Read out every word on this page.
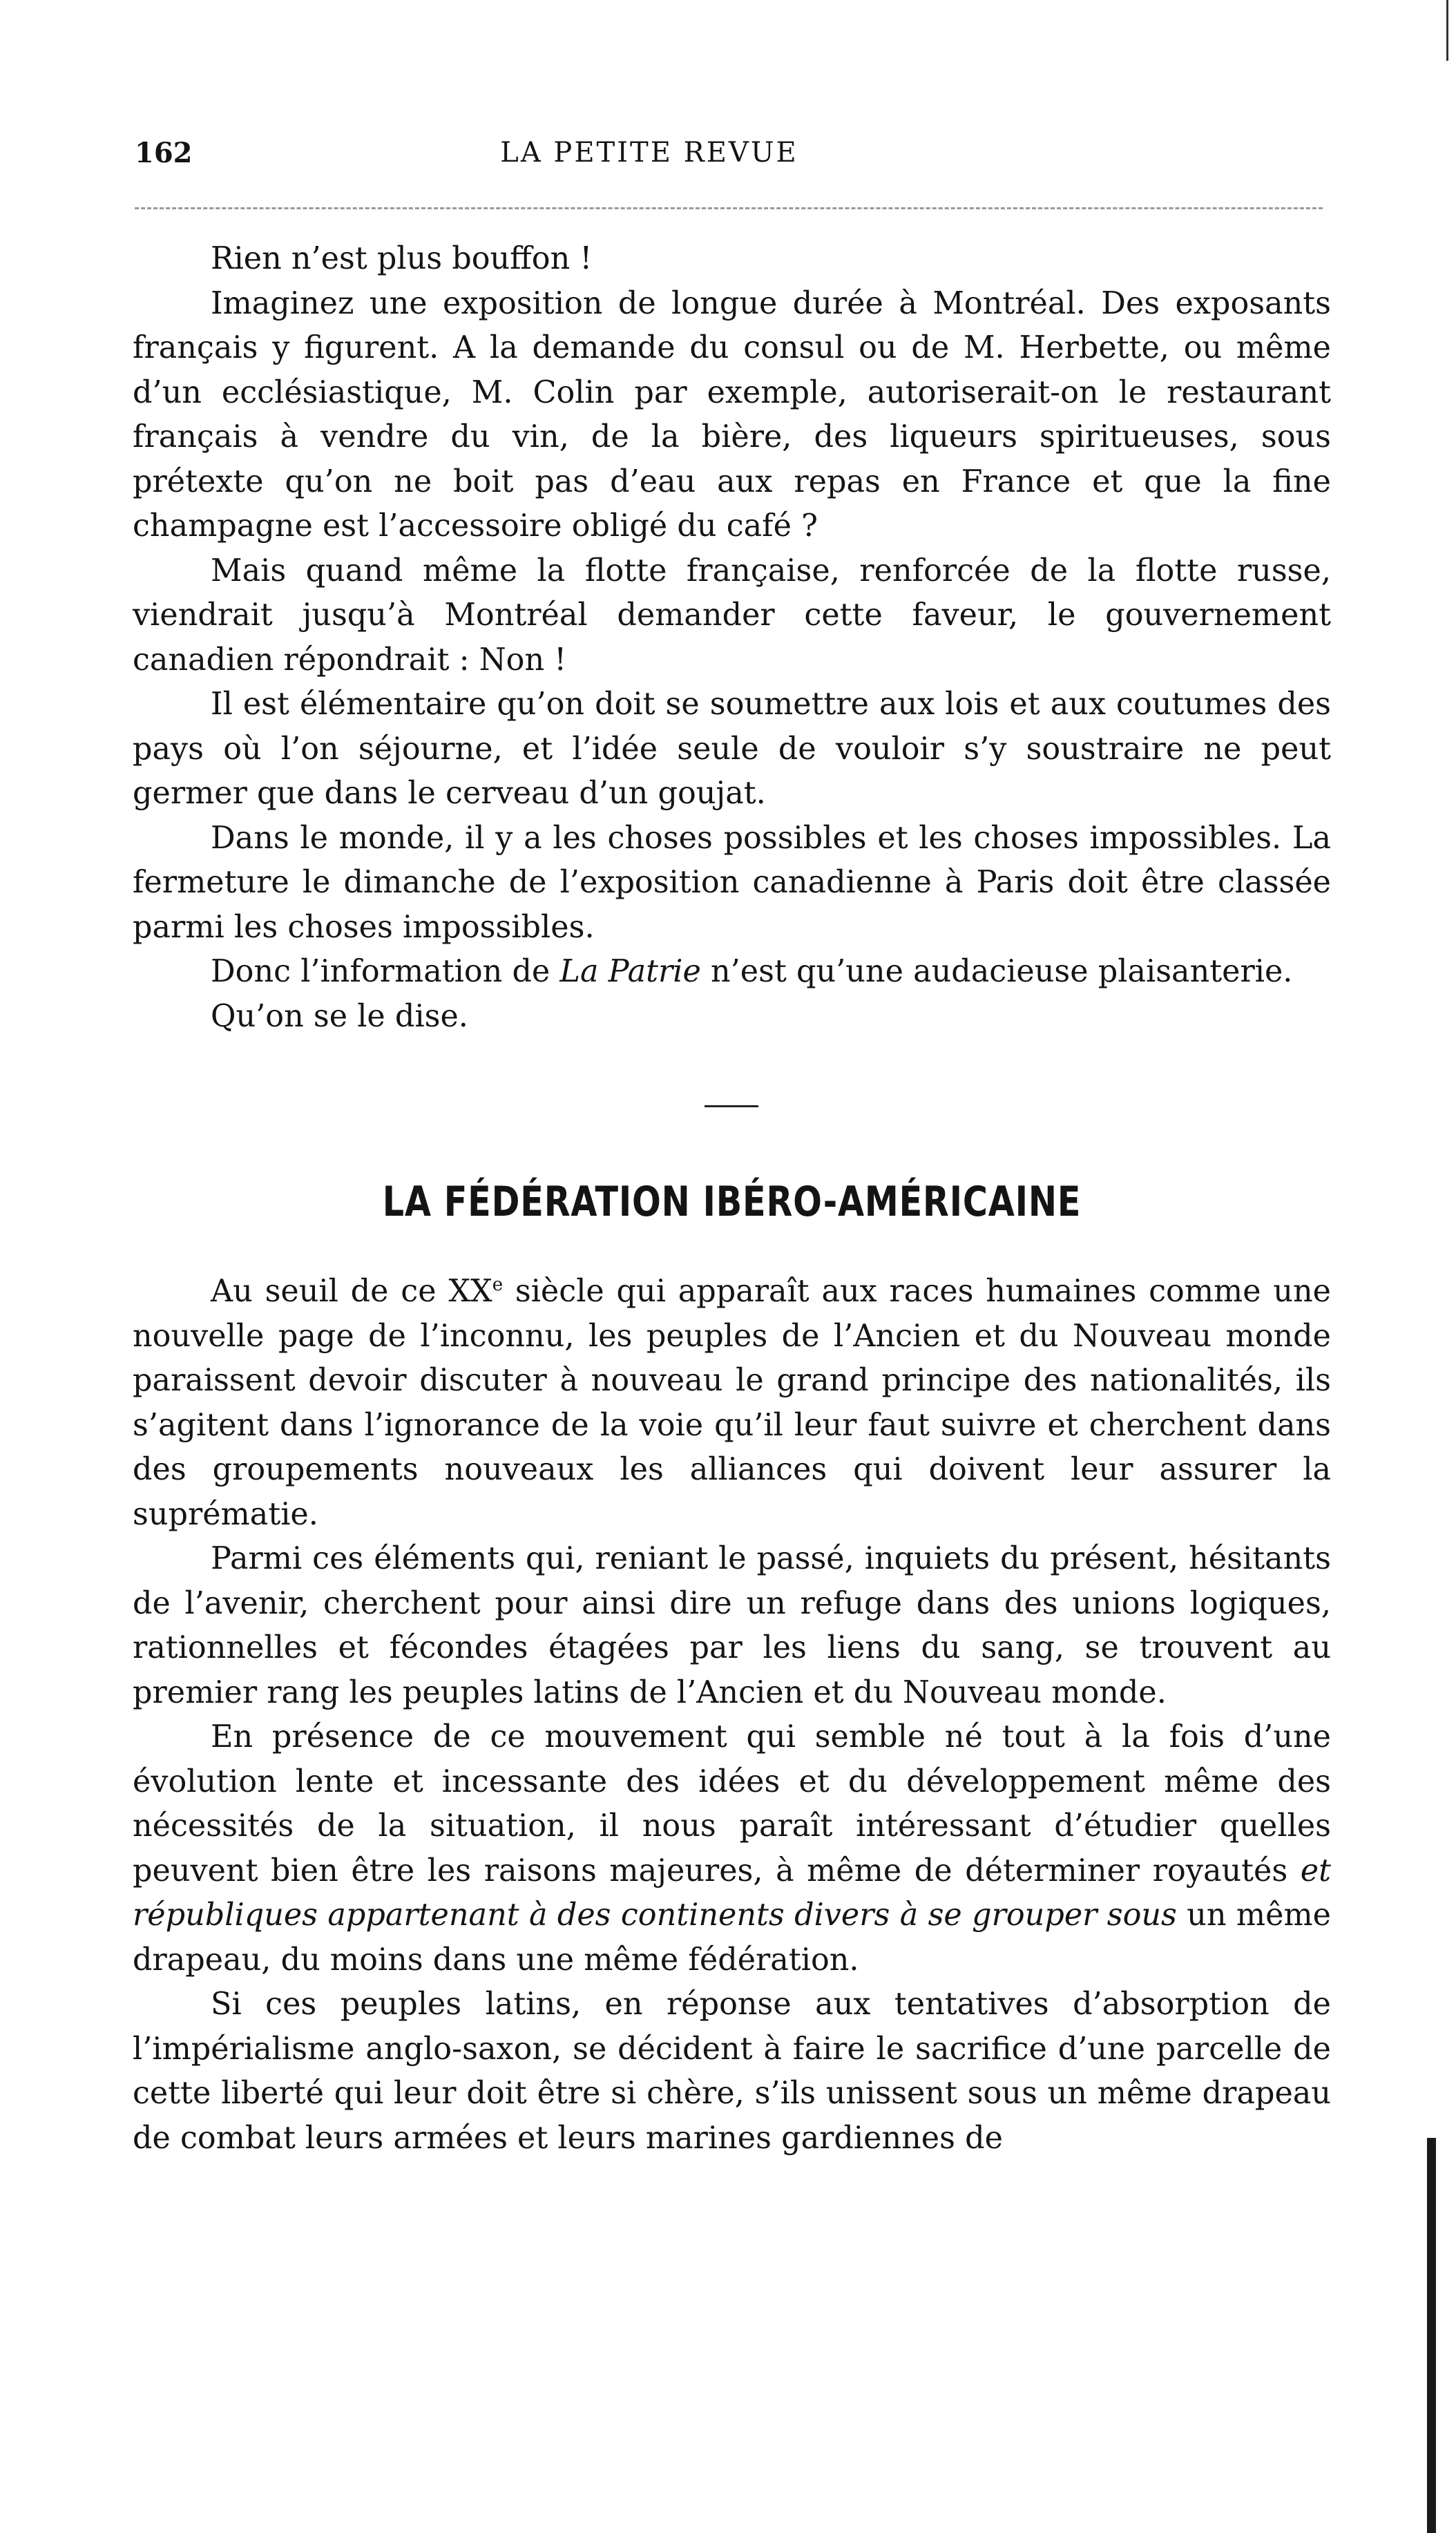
162	LA PETITE REVUE

Rien n’est plus bouffon !

Imaginez une exposition de longue durée à Montréal. Des exposants français y figurent. A la demande du consul ou de M. Herbette, ou même d’un ecclésiastique, M. Colin par exemple, autoriserait-on le restaurant français à vendre du vin, de la bière, des liqueurs spiritueuses, sous prétexte qu’on ne boit pas d’eau aux repas en France et que la fine champagne est l’accessoire obligé du café ?

Mais quand même la flotte française, renforcée de la flotte russe, viendrait jusqu’à Montréal demander cette faveur, le gouvernement canadien répondrait : Non !

Il est élémentaire qu’on doit se soumettre aux lois et aux coutumes des pays où l’on séjourne, et l’idée seule de vouloir s’y soustraire ne peut germer que dans le cerveau d’un goujat.

Dans le monde, il y a les choses possibles et les choses impossibles. La fermeture le dimanche de l’exposition canadienne à Paris doit être classée parmi les choses impossibles.

Donc l’information de La Patrie n’est qu’une audacieuse plaisanterie.

Qu’on se le dise.

LA FÉDÉRATION IBÉRO-AMÉRICAINE

Au seuil de ce XXe siècle qui apparaît aux races humaines comme une nouvelle page de l’inconnu, les peuples de l’Ancien et du Nouveau monde paraissent devoir discuter à nouveau le grand principe des nationalités, ils s’agitent dans l’ignorance de la voie qu’il leur faut suivre et cherchent dans des groupements nouveaux les alliances qui doivent leur assurer la suprématie.

Parmi ces éléments qui, reniant le passé, inquiets du présent, hésitants de l’avenir, cherchent pour ainsi dire un refuge dans des unions logiques, rationnelles et fécondes étagées par les liens du sang, se trouvent au premier rang les peuples latins de l’Ancien et du Nouveau monde.

En présence de ce mouvement qui semble né tout à la fois d’une évolution lente et incessante des idées et du développement même des nécessités de la situation, il nous paraît intéressant d’étudier quelles peuvent bien être les raisons majeures, à même de déterminer royautés et républiques appartenant à des continents divers à se grouper sous un même drapeau, du moins dans une même fédération.

Si ces peuples latins, en réponse aux tentatives d’absorption de l’impérialisme anglo-saxon, se décident à faire le sacrifice d’une parcelle de cette liberté qui leur doit être si chère, s’ils unissent sous un même drapeau de combat leurs armées et leurs marines gardiennes de
